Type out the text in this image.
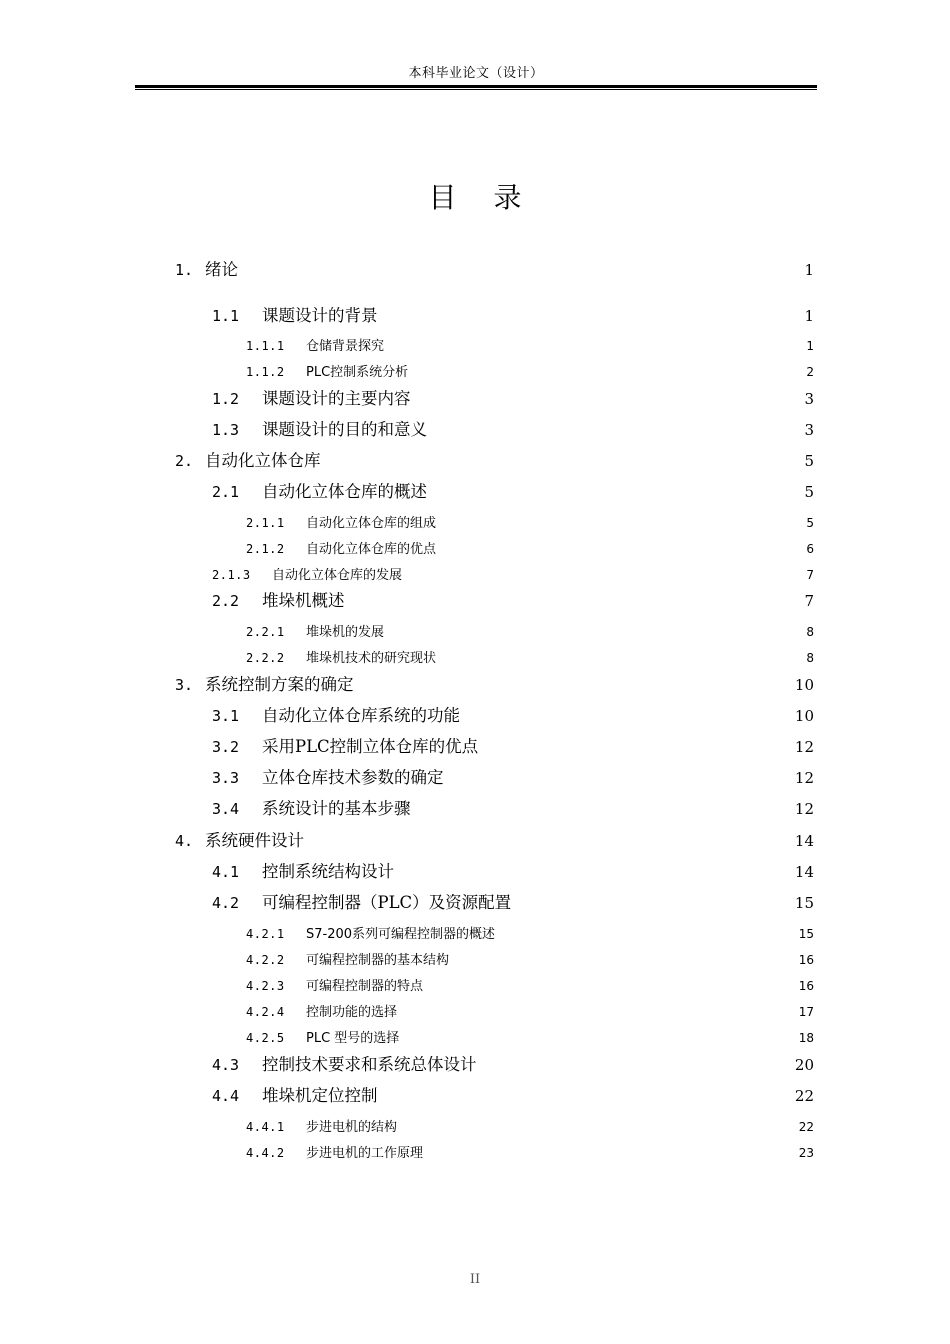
本科毕业论文（设计）
目 录
1. 绪论	1
1.1	课题设计的背景	1
1.1.1	仓储背景探究	1
1.1.2	PLC控制系统分析	2
1.2	课题设计的主要内容	3
1.3	课题设计的目的和意义	3
2. 自动化立体仓库	5
2.1	自动化立体仓库的概述	5
2.1.1	自动化立体仓库的组成	5
2.1.2	自动化立体仓库的优点	6
2.1.3	自动化立体仓库的发展	7
2.2	堆垛机概述	7
2.2.1	堆垛机的发展	8
2.2.2	堆垛机技术的研究现状	8
3. 系统控制方案的确定	10
3.1	自动化立体仓库系统的功能	10
3.2	采用PLC控制立体仓库的优点	12
3.3	立体仓库技术参数的确定	12
3.4	系统设计的基本步骤	12
4. 系统硬件设计	14
4.1	控制系统结构设计	14
4.2	可编程控制器（PLC）及资源配置	15
4.2.1	S7-200系列可编程控制器的概述	15
4.2.2	可编程控制器的基本结构	16
4.2.3	可编程控制器的特点	16
4.2.4	控制功能的选择	17
4.2.5	PLC 型号的选择	18
4.3	控制技术要求和系统总体设计	20
4.4	堆垛机定位控制	22
4.4.1	步进电机的结构	22
4.4.2	步进电机的工作原理	23
II
